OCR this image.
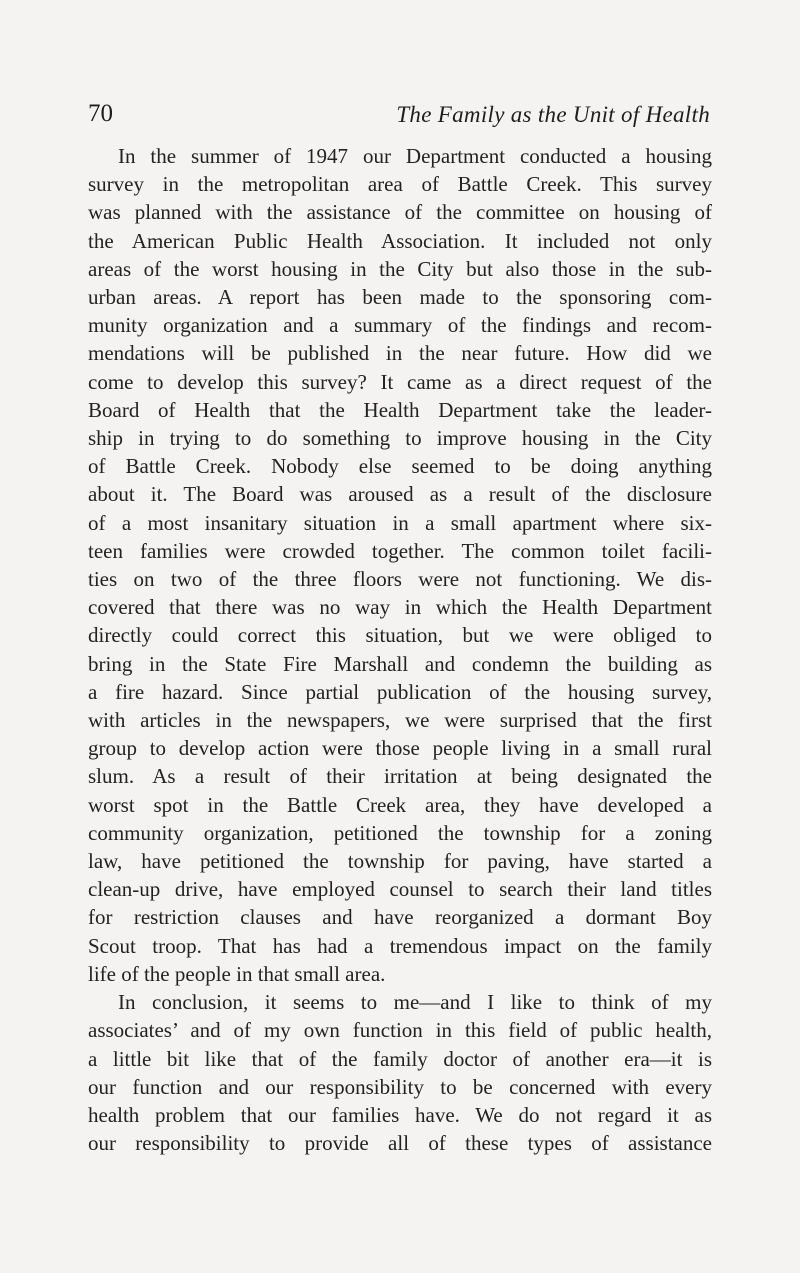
70	The Family as the Unit of Health

In the summer of 1947 our Department conducted a housing
survey in the metropolitan area of Battle Creek. This survey
was planned with the assistance of the committee on housing of
the American Public Health Association. It included not only
areas of the worst housing in the City but also those in the sub-
urban areas. A report has been made to the sponsoring com-
munity organization and a summary of the findings and recom-
mendations will be published in the near future. How did we
come to develop this survey? It came as a direct request of the
Board of Health that the Health Department take the leader-
ship in trying to do something to improve housing in the City
of Battle Creek. Nobody else seemed to be doing anything
about it. The Board was aroused as a result of the disclosure
of a most insanitary situation in a small apartment where six-
teen families were crowded together. The common toilet facili-
ties on two of the three floors were not functioning. We dis-
covered that there was no way in which the Health Department
directly could correct this situation, but we were obliged to
bring in the State Fire Marshall and condemn the building as
a fire hazard. Since partial publication of the housing survey,
with articles in the newspapers, we were surprised that the first
group to develop action were those people living in a small rural
slum. As a result of their irritation at being designated the
worst spot in the Battle Creek area, they have developed a
community organization, petitioned the township for a zoning
law, have petitioned the township for paving, have started a
clean-up drive, have employed counsel to search their land titles
for restriction clauses and have reorganized a dormant Boy
Scout troop. That has had a tremendous impact on the family
life of the people in that small area.

In conclusion, it seems to me—and I like to think of my
associates’ and of my own function in this field of public health,
a little bit like that of the family doctor of another era—it is
our function and our responsibility to be concerned with every
health problem that our families have. We do not regard it as
our responsibility to provide all of these types of assistance
